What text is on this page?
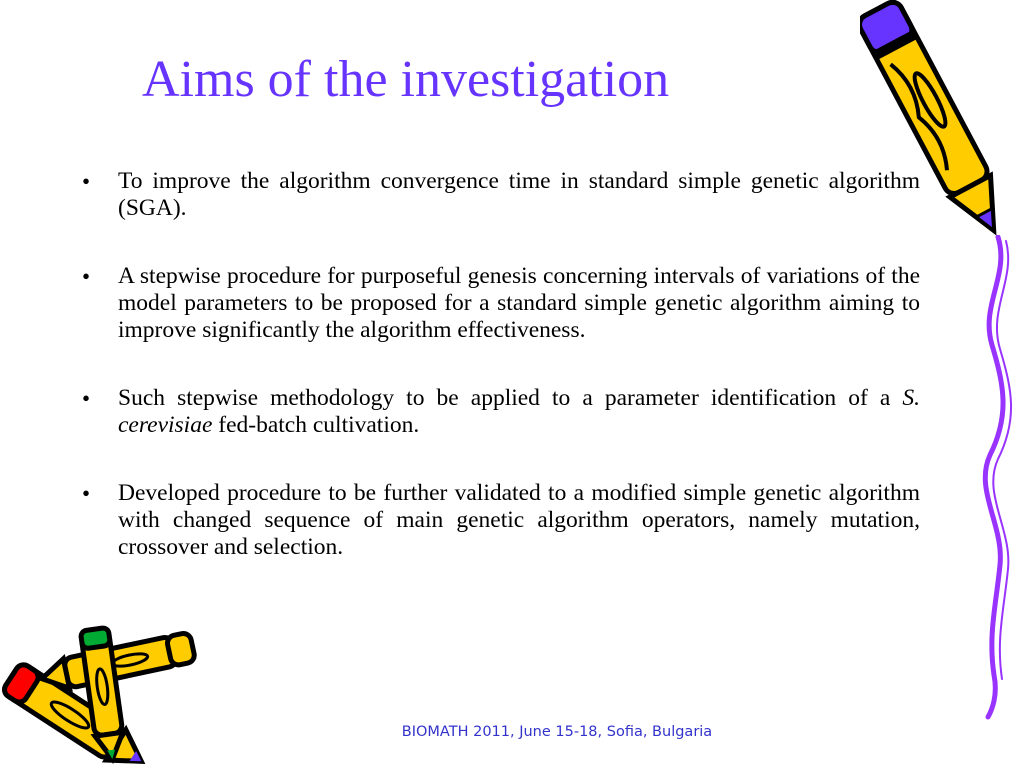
Aims of the investigation
• To improve the algorithm convergence time in standard simple genetic algorithm (SGA).
• A stepwise procedure for purposeful genesis concerning intervals of variations of the model parameters to be proposed for a standard simple genetic algorithm aiming to improve significantly the algorithm effectiveness.
• Such stepwise methodology to be applied to a parameter identification of a S. cerevisiae fed-batch cultivation.
• Developed procedure to be further validated to a modified simple genetic algorithm with changed sequence of main genetic algorithm operators, namely mutation, crossover and selection.
BIOMATH 2011, June 15-18, Sofia, Bulgaria
